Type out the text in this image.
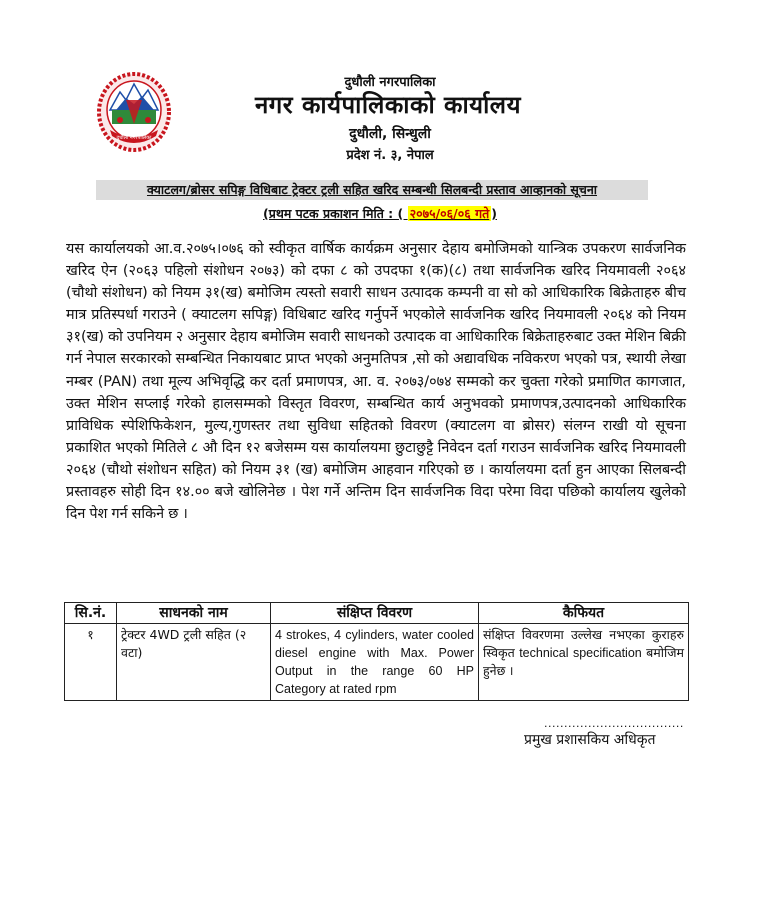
दुधौली नगरपालिका
दुधौली नगरपालिका
नगर कार्यपालिकाको कार्यालय
दुधौली, सिन्धुली
प्रदेश नं. ३, नेपाल
क्याटलग/ब्रोसर सपिङ्ग विधिबाट ट्रेक्टर ट्रली सहित खरिद सम्बन्धी सिलबन्दी प्रस्ताव आव्हानको सूचना
(प्रथम पटक प्रकाशन मिति : ( २०७५/०६/०६ गते )

यस कार्यालयको आ.व.२०७५।०७६ को स्वीकृत वार्षिक कार्यक्रम अनुसार देहाय बमोजिमको यान्त्रिक उपकरण सार्वजनिक खरिद ऐन (२०६३ पहिलो संशोधन २०७३) को दफा ८ को उपदफा १(क)(८) तथा सार्वजनिक खरिद नियमावली २०६४ (चौथो संशोधन) को नियम ३१(ख) बमोजिम त्यस्तो सवारी साधन उत्पादक कम्पनी वा सो को आधिकारिक बिक्रेताहरु बीच मात्र प्रतिस्पर्धा गराउने ( क्याटलग सपिङ्ग) विधिबाट खरिद गर्नुपर्ने भएकोले सार्वजनिक खरिद नियमावली २०६४ को नियम ३१(ख) को उपनियम २ अनुसार देहाय बमोजिम सवारी साधनको उत्पादक वा आधिकारिक बिक्रेताहरुबाट उक्त मेशिन बिक्री गर्न नेपाल सरकारको सम्बन्धित निकायबाट प्राप्त भएको अनुमतिपत्र ,सो को अद्यावधिक नविकरण भएको पत्र, स्थायी लेखा नम्बर (PAN) तथा मूल्य अभिवृद्धि कर दर्ता प्रमाणपत्र, आ. व. २०७३/०७४ सम्मको कर चुक्ता गरेको प्रमाणित कागजात, उक्त मेशिन सप्लाई गरेको हालसम्मको विस्तृत विवरण, सम्बन्धित कार्य अनुभवको प्रमाणपत्र,उत्पादनको आधिकारिक प्राविधिक स्पेशिफिकेशन, मुल्य,गुणस्तर तथा सुविधा सहितको विवरण (क्याटलग वा ब्रोसर) संलग्न राखी यो सूचना प्रकाशित भएको मितिले ८ औ दिन १२ बजेसम्म यस कार्यालयमा छुटाछुट्टै निवेदन दर्ता गराउन सार्वजनिक खरिद नियमावली २०६४ (चौथो संशोधन सहित) को नियम ३१ (ख) बमोजिम आहवान गरिएको छ । कार्यालयमा दर्ता हुन आएका सिलबन्दी प्रस्तावहरु सोही दिन १४.०० बजे खोलिनेछ । पेश गर्ने अन्तिम दिन सार्वजनिक विदा परेमा विदा पछिको कार्यालय खुलेको दिन पेश गर्न सकिने छ ।

सि.नं.	साधनको नाम	संक्षिप्त विवरण	कैफियत
१	ट्रेक्टर 4WD ट्रली सहित (२ वटा)	4 strokes, 4 cylinders, water cooled diesel engine with Max. Power Output in the range 60 HP Category at rated rpm	संक्षिप्त विवरणमा उल्लेख नभएका कुराहरु स्विकृत technical specification बमोजिम हुनेछ ।
...................................
प्रमुख प्रशासकिय अधिकृत
